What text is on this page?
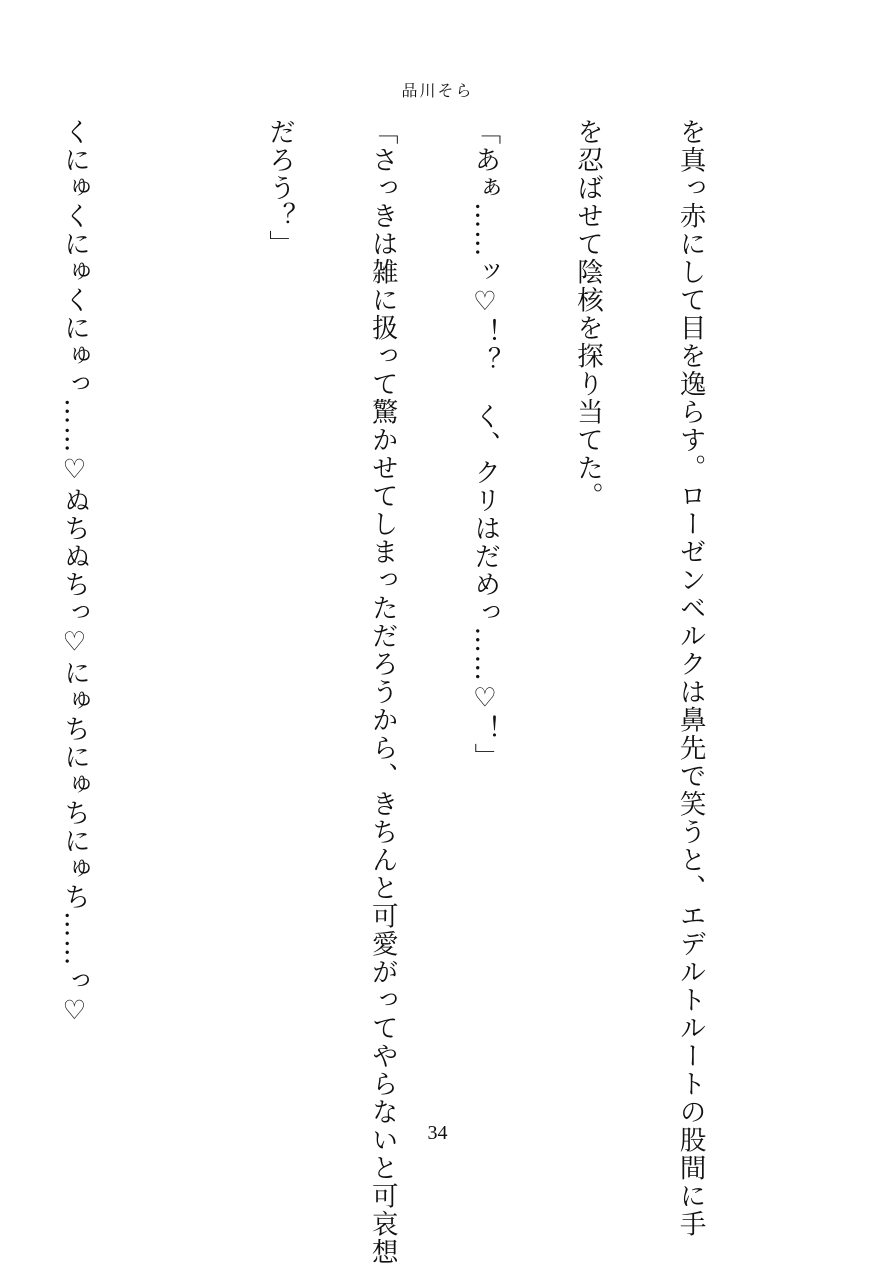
品川そら

を真っ赤にして目を逸らす。ローゼンベルクは鼻先で笑うと、エデルトルートの股間に手

を忍ばせて陰核を探り当てた。

「あぁ……ッ♡！？　く、クリはだめっ……♡！」

「さっきは雑に扱って驚かせてしまっただろうから、きちんと可愛がってやらないと可哀想

だろう？」

くにゅくにゅくにゅっ……♡ぬちぬちっ♡にゅちにゅちにゅち……っ♡

34
